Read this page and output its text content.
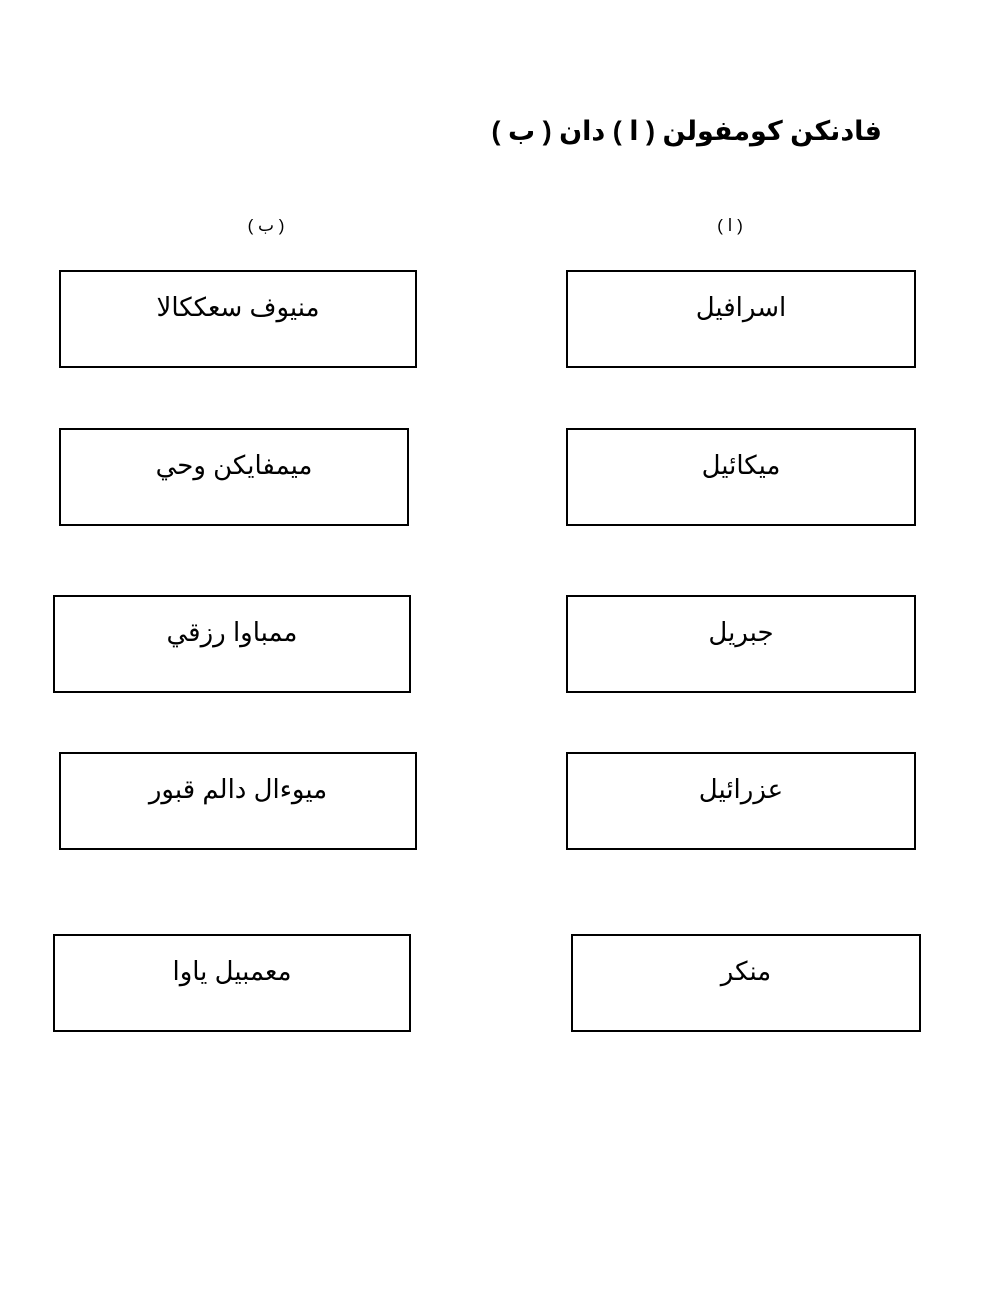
فادنكن كومفولن ( ا ) دان ( ب )
( ا )
( ب )
اسرافيل
ميكائيل
جبريل
عزرائيل
منكر
منيوف سعككالا
ميمفايكن وحي
ممباوا رزقي
ميوءال دالم قبور
معمبيل ياوا
